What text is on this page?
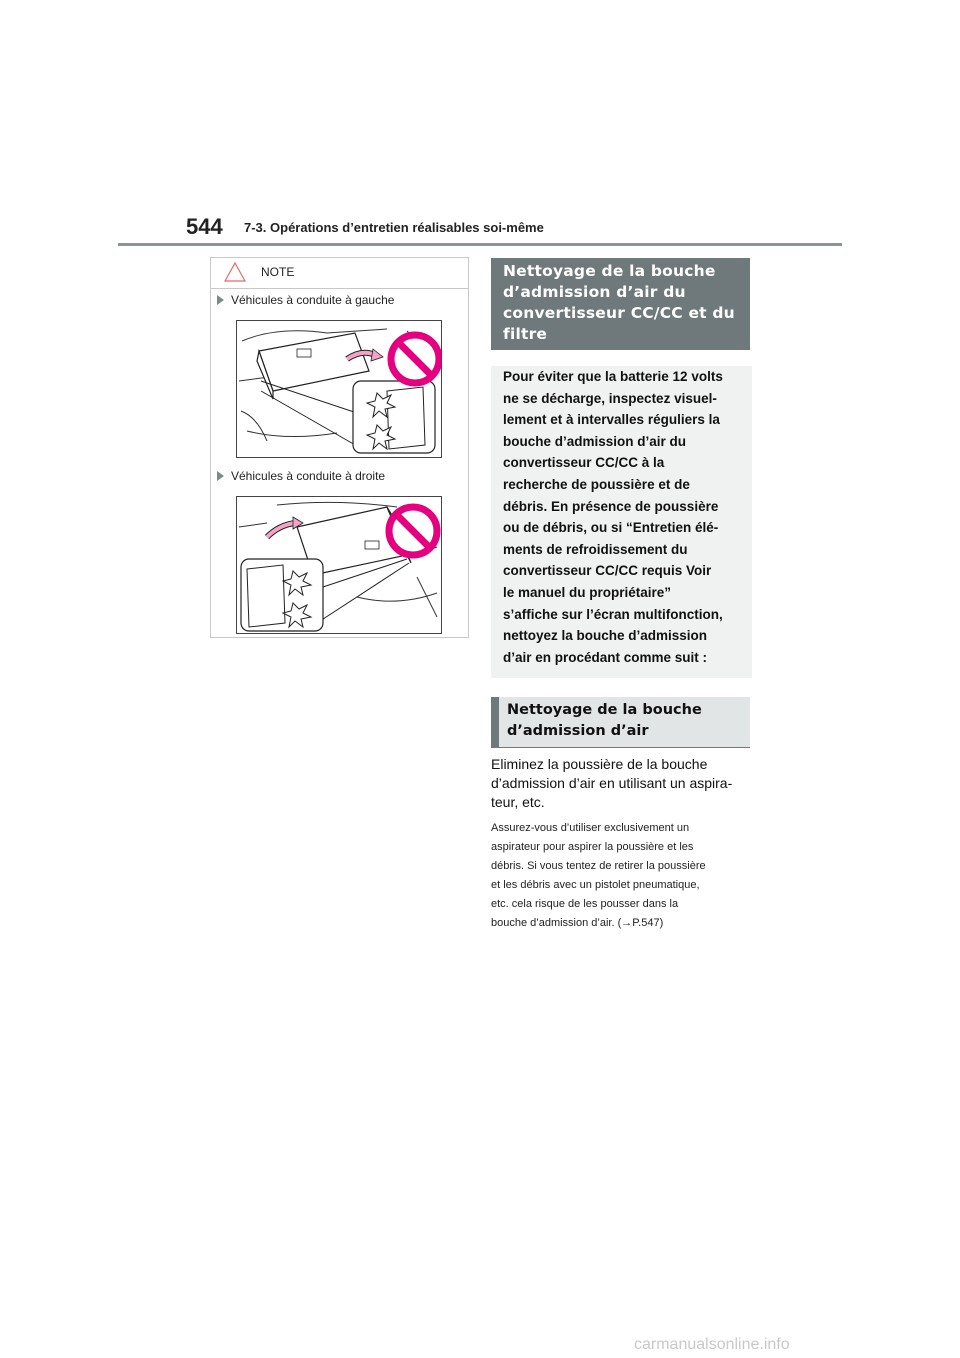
544 7-3. Opérations d’entretien réalisables soi-même
NOTE
Véhicules à conduite à gauche
Véhicules à conduite à droite
Nettoyage de la bouche
d’admission d’air du
convertisseur CC/CC et du
filtre
Pour éviter que la batterie 12 volts
ne se décharge, inspectez visuel-
lement et à intervalles réguliers la
bouche d’admission d’air du
convertisseur CC/CC à la
recherche de poussière et de
débris. En présence de poussière
ou de débris, ou si “Entretien élé-
ments de refroidissement du
convertisseur CC/CC requis Voir
le manuel du propriétaire”
s’affiche sur l’écran multifonction,
nettoyez la bouche d’admission
d’air en procédant comme suit :
Nettoyage de la bouche
d’admission d’air
Eliminez la poussière de la bouche
d’admission d’air en utilisant un aspira-
teur, etc.
Assurez-vous d’utiliser exclusivement un
aspirateur pour aspirer la poussière et les
débris. Si vous tentez de retirer la poussière
et les débris avec un pistolet pneumatique,
etc. cela risque de les pousser dans la
bouche d’admission d’air. (→P.547)
carmanualsonline.info
